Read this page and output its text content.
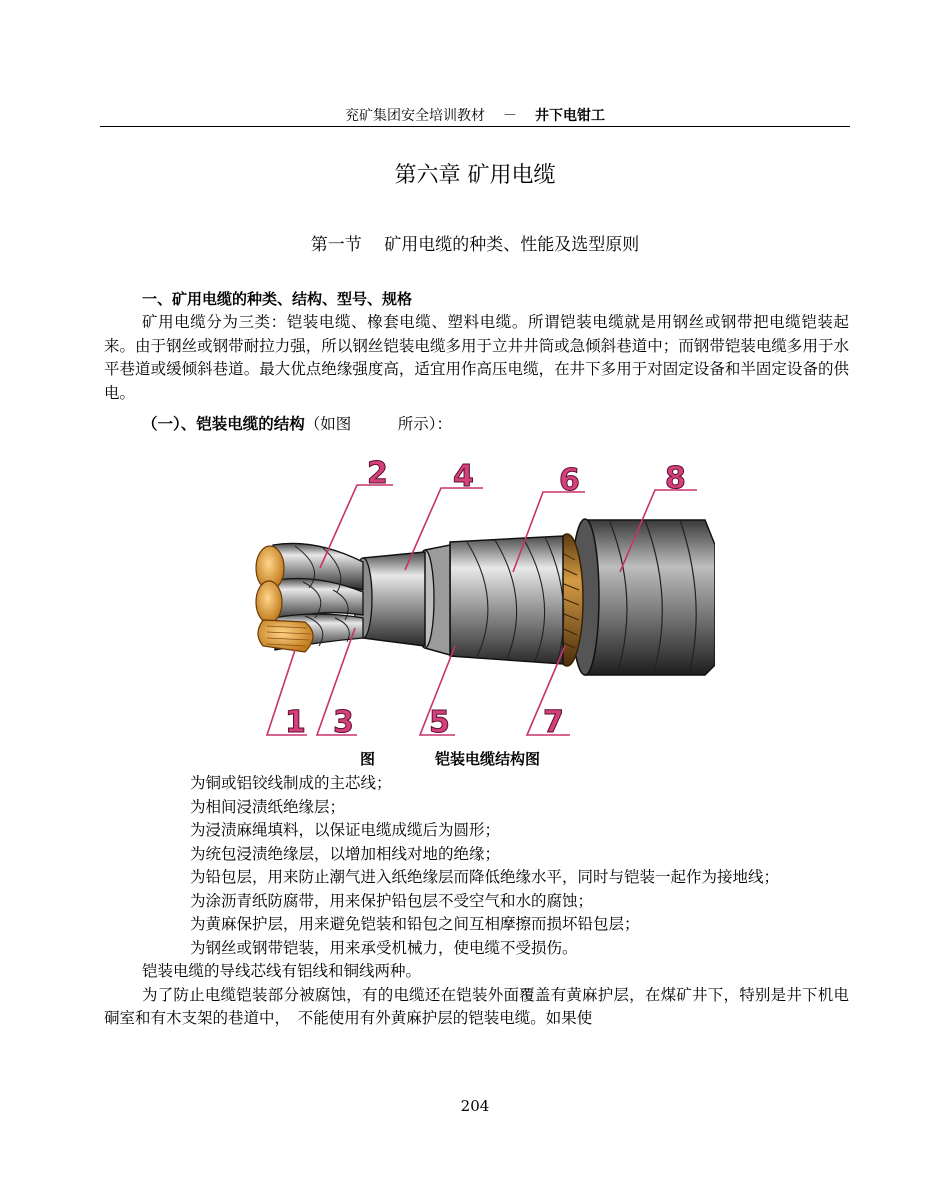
兖矿集团安全培训教材 － 井下电钳工
第六章 矿用电缆
第一节　 矿用电缆的种类、性能及选型原则
一、矿用电缆的种类、结构、型号、规格
矿用电缆分为三类：铠装电缆、橡套电缆、塑料电缆。所谓铠装电缆就是用钢丝或钢带把电缆铠装起来。由于钢丝或钢带耐拉力强，所以钢丝铠装电缆多用于立井井筒或急倾斜巷道中；而钢带铠装电缆多用于水平巷道或缓倾斜巷道。最大优点绝缘强度高，适宜用作高压电缆，在井下多用于对固定设备和半固定设备的供电。
（一）、铠装电缆的结构（如图　　　所示）：
2 4	6	8
1 3	5	7
图	铠装电缆结构图
为铜或铝铰线制成的主芯线；
为相间浸渍纸绝缘层；
为浸渍麻绳填料，以保证电缆成缆后为圆形；
为统包浸渍绝缘层，以增加相线对地的绝缘；
为铅包层，用来防止潮气进入纸绝缘层而降低绝缘水平，同时与铠装一起作为接地线；
为涂沥青纸防腐带，用来保护铅包层不受空气和水的腐蚀；
为黄麻保护层，用来避免铠装和铅包之间互相摩擦而损坏铅包层；
为钢丝或钢带铠装，用来承受机械力，使电缆不受损伤。
铠装电缆的导线芯线有铝线和铜线两种。
为了防止电缆铠装部分被腐蚀，有的电缆还在铠装外面覆盖有黄麻护层，在煤矿井下，特别是井下机电硐室和有木支架的巷道中，　不能使用有外黄麻护层的铠装电缆。如果使
204
